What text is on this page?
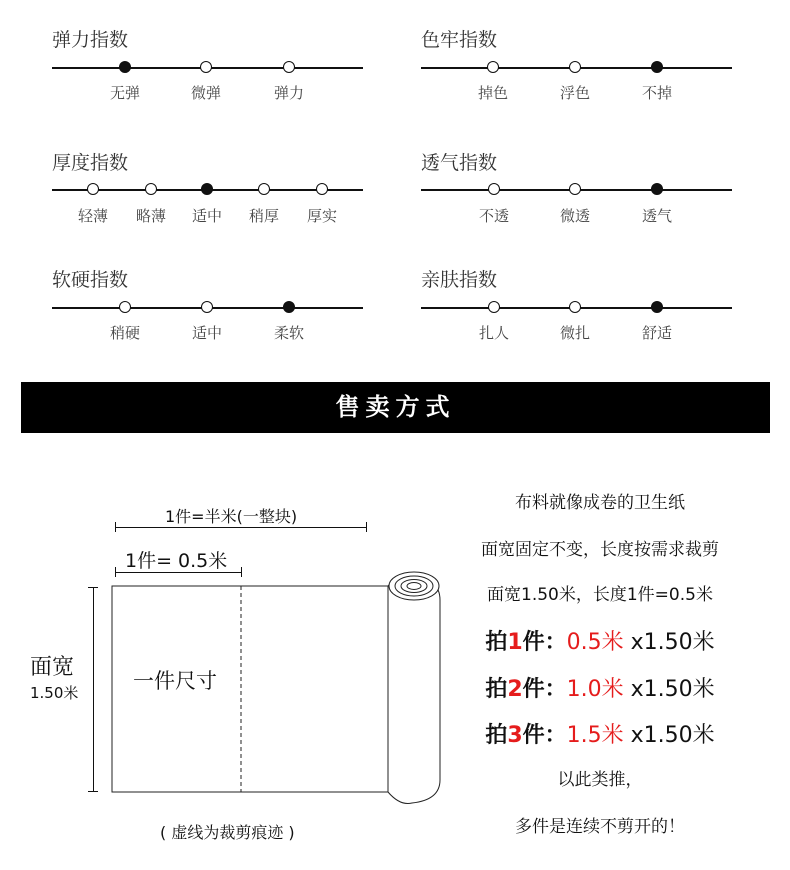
弹力指数
无弹	微弹	弹力
厚度指数
轻薄 略薄 适中 稍厚 厚实
软硬指数
稍硬	适中	柔软
色牢指数
掉色	浮色	不掉
透气指数
不透	微透	透气
亲肤指数
扎人	微扎	舒适
售卖方式
1件=半米(一整块)
1件= 0.5米
面宽
1.50米	一件尺寸
( 虚线为裁剪痕迹 )
布料就像成卷的卫生纸
面宽固定不变，长度按需求裁剪
面宽1.50米，长度1件=0.5米
拍1件：0.5米 x1.50米
拍2件：1.0米 x1.50米
拍3件：1.5米 x1.50米
以此类推，
多件是连续不剪开的！
